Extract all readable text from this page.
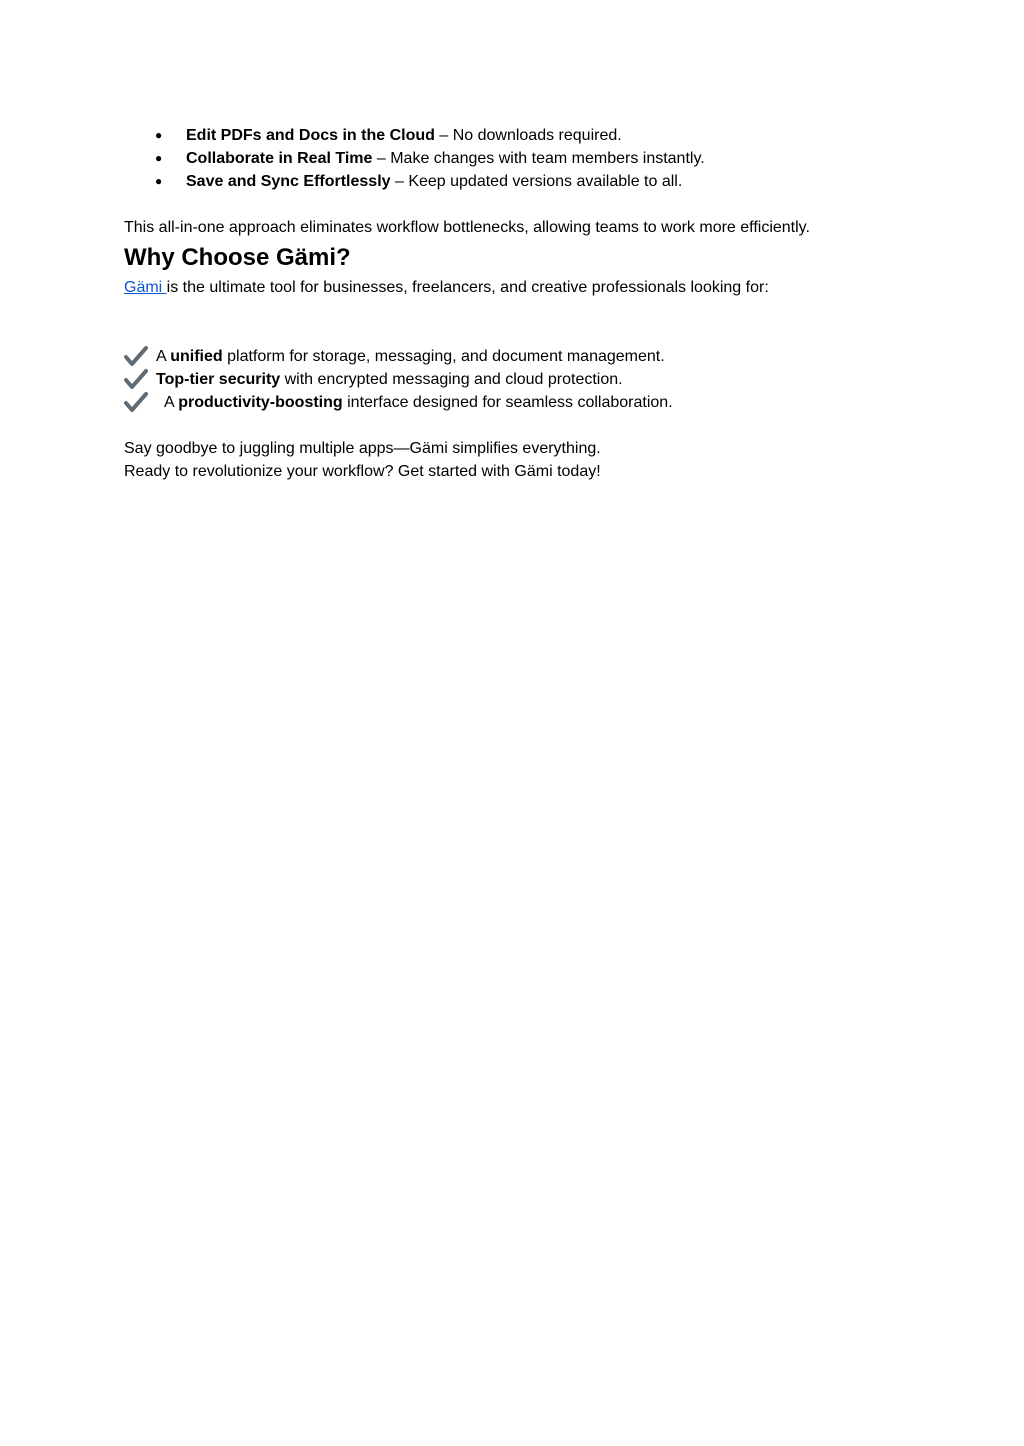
● Edit PDFs and Docs in the Cloud – No downloads required.
● Collaborate in Real Time – Make changes with team members instantly.
● Save and Sync Effortlessly – Keep updated versions available to all.

This all-in-one approach eliminates workflow bottlenecks, allowing teams to work more efficiently.

Why Choose Gämi?

Gämi is the ultimate tool for businesses, freelancers, and creative professionals looking for:

A unified platform for storage, messaging, and document management.
Top-tier security with encrypted messaging and cloud protection.
A productivity-boosting interface designed for seamless collaboration.

Say goodbye to juggling multiple apps—Gämi simplifies everything.

Ready to revolutionize your workflow? Get started with Gämi today!
